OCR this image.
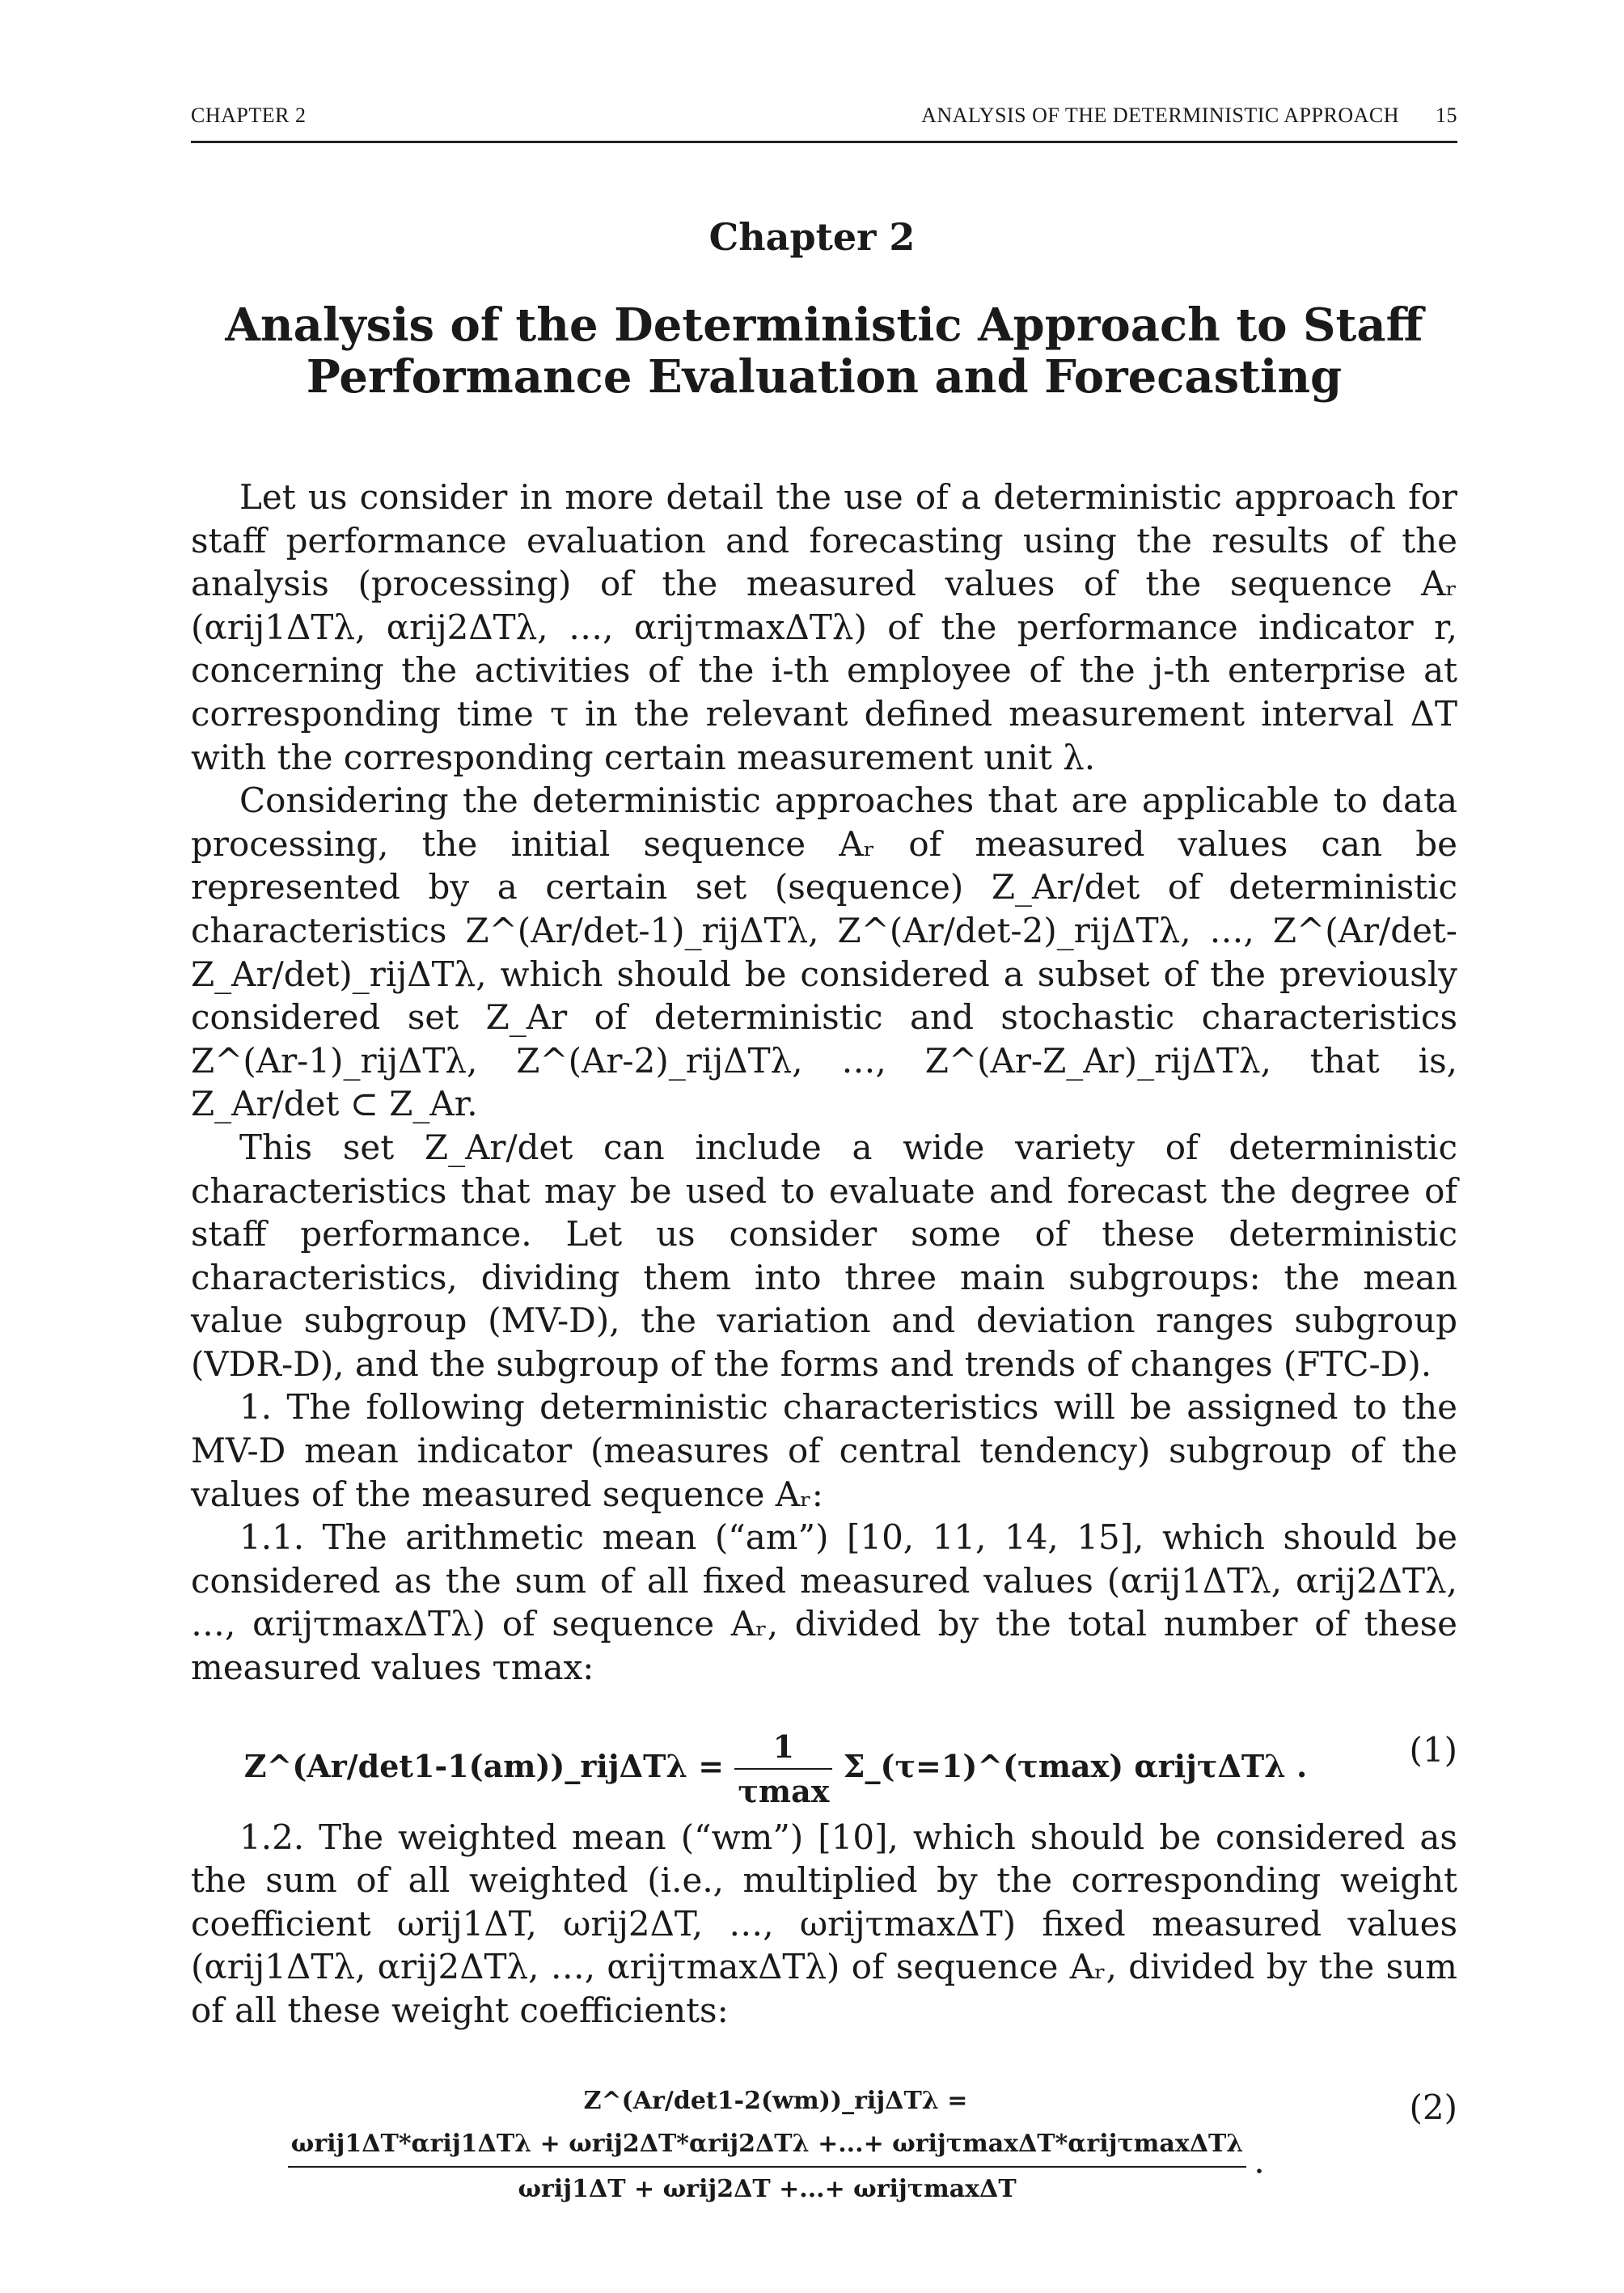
CHAPTER 2	ANALYSIS OF THE DETERMINISTIC APPROACH 15
Chapter 2
Analysis of the Deterministic Approach to Staff
Performance Evaluation and Forecasting

Let us consider in more detail the use of a deterministic approach for staff performance evaluation and forecasting using the results of the analysis (processing) of the measured values of the sequence Aᵣ (αrij1ΔTλ, αrij2ΔTλ, …, αrijτmaxΔTλ) of the performance indicator r, concerning the activities of the i-th employee of the j-th enterprise at corresponding time τ in the relevant defined measurement interval ΔT with the corresponding certain measurement unit λ.

Considering the deterministic approaches that are applicable to data processing, the initial sequence Aᵣ of measured values can be represented by a certain set (sequence) Z_Ar/det of deterministic characteristics Z^(Ar/det-1)_rijΔTλ, Z^(Ar/det-2)_rijΔTλ, …, Z^(Ar/det-Z_Ar/det)_rijΔTλ, which should be considered a subset of the previously considered set Z_Ar of deterministic and stochastic characteristics Z^(Ar-1)_rijΔTλ, Z^(Ar-2)_rijΔTλ, …, Z^(Ar-Z_Ar)_rijΔTλ, that is, Z_Ar/det ⊂ Z_Ar.

This set Z_Ar/det can include a wide variety of deterministic characteristics that may be used to evaluate and forecast the degree of staff performance. Let us consider some of these deterministic characteristics, dividing them into three main subgroups: the mean value subgroup (MV-D), the variation and deviation ranges subgroup (VDR-D), and the subgroup of the forms and trends of changes (FTC-D).

1. The following deterministic characteristics will be assigned to the MV-D mean indicator (measures of central tendency) subgroup of the values of the measured sequence Aᵣ:

1.1. The arithmetic mean (“am”) [10, 11, 14, 15], which should be considered as the sum of all fixed measured values (αrij1ΔTλ, αrij2ΔTλ, …, αrijτmaxΔTλ) of sequence Aᵣ, divided by the total number of these measured values τmax:

Z^(Ar/det1-1(am))_rijΔTλ = $\frac{1}{\tau\max}$ Σ_(τ=1)^(τmax) αrijτΔTλ .	(1)

1.2. The weighted mean (“wm”) [10], which should be considered as the sum of all weighted (i.e., multiplied by the corresponding weight coefficient ωrij1ΔT, ωrij2ΔT, …, ωrijτmaxΔT) fixed measured values (αrij1ΔTλ, αrij2ΔTλ, …, αrijτmaxΔTλ) of sequence Aᵣ, divided by the sum of all these weight coefficients:

Z^(Ar/det1-2(wm))_rijΔTλ =
ωrij1ΔT*αrij1ΔTλ + ωrij2ΔT*αrij2ΔTλ +...+ ωrijτmaxΔT*αrijτmaxΔTλ
ωrij1ΔT + ωrij2ΔT +...+ ωrijτmaxΔT
.
(2)
